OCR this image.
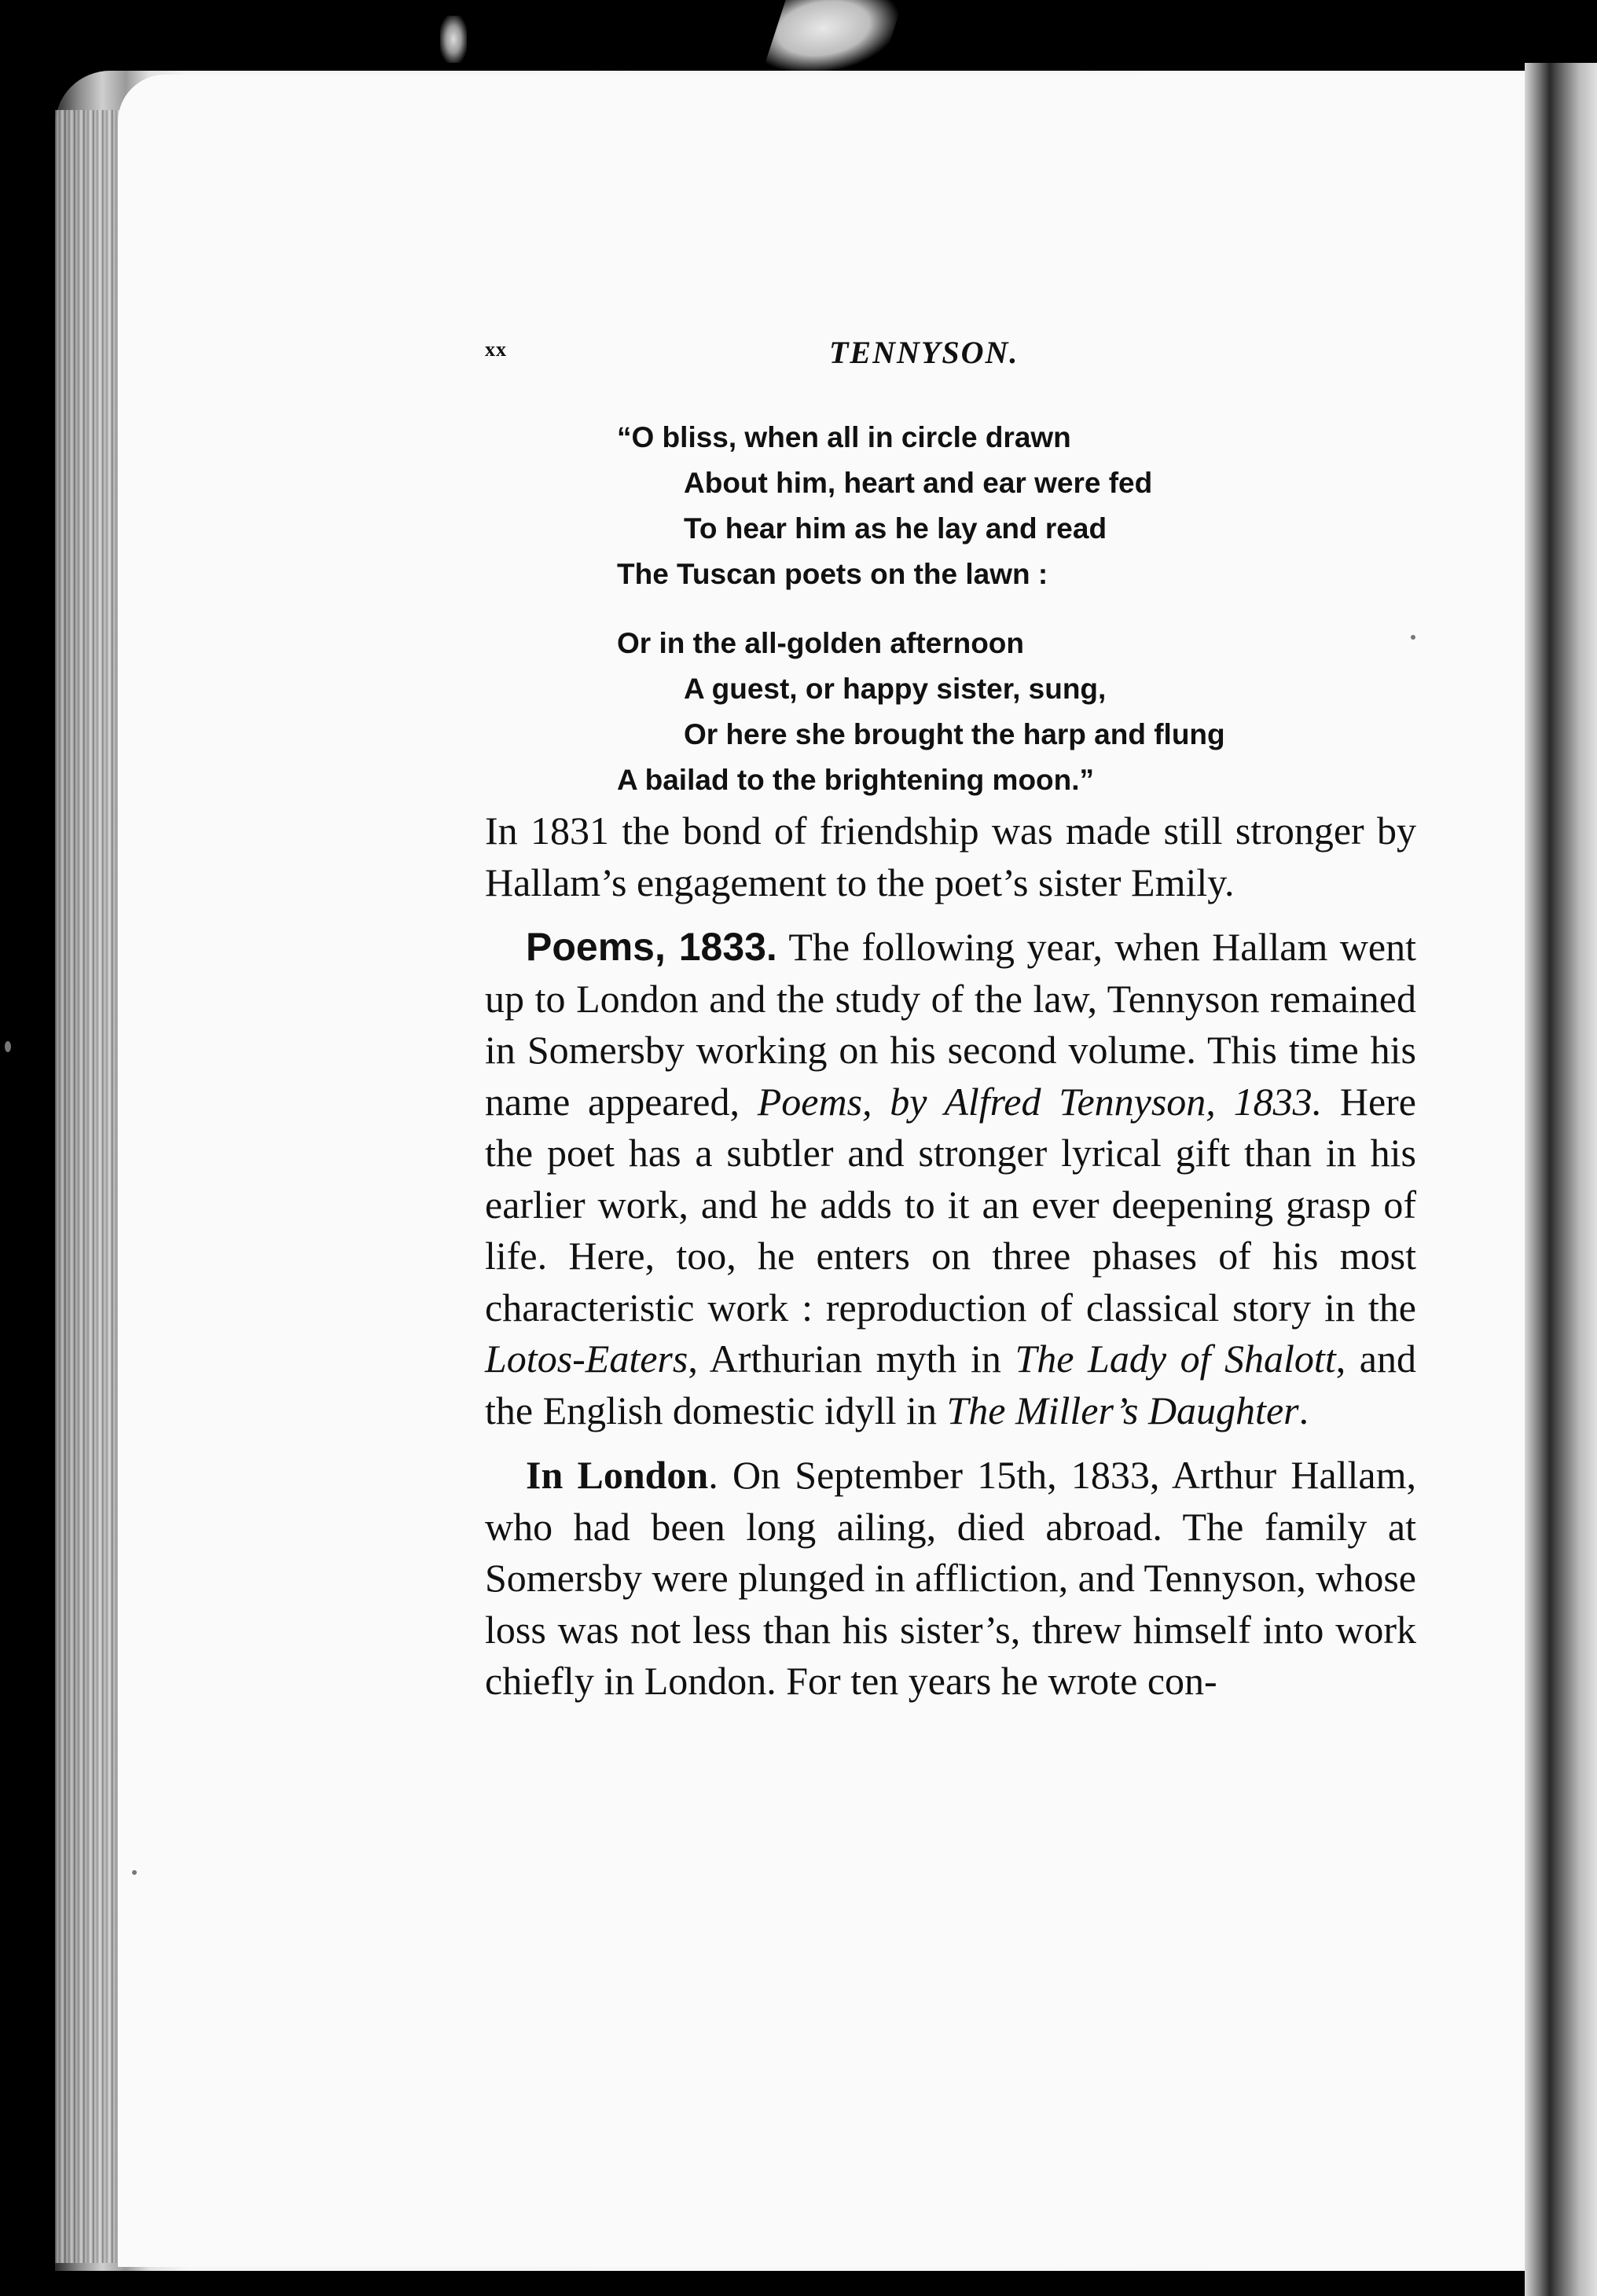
xx	TENNYSON.
“O bliss, when all in circle drawn
About him, heart and ear were fed
To hear him as he lay and read
The Tuscan poets on the lawn :
Or in the all-golden afternoon
A guest, or happy sister, sung,
Or here she brought the harp and flung
A bailad to the brightening moon.”

In 1831 the bond of friendship was made still stronger by Hallam’s engagement to the poet’s sister Emily.

Poems, 1833. The following year, when Hallam went up to London and the study of the law, Tennyson remained in Somersby working on his second volume. This time his name appeared, Poems, by Alfred Tennyson, 1833. Here the poet has a subtler and stronger lyrical gift than in his earlier work, and he adds to it an ever deepening grasp of life. Here, too, he enters on three phases of his most characteristic work : reproduction of classical story in the Lotos-Eaters, Arthurian myth in The Lady of Shalott, and the English domestic idyll in The Miller’s Daughter.

In London. On September 15th, 1833, Arthur Hallam, who had been long ailing, died abroad. The family at Somersby were plunged in affliction, and Tennyson, whose loss was not less than his sister’s, threw himself into work chiefly in London. For ten years he wrote con-
